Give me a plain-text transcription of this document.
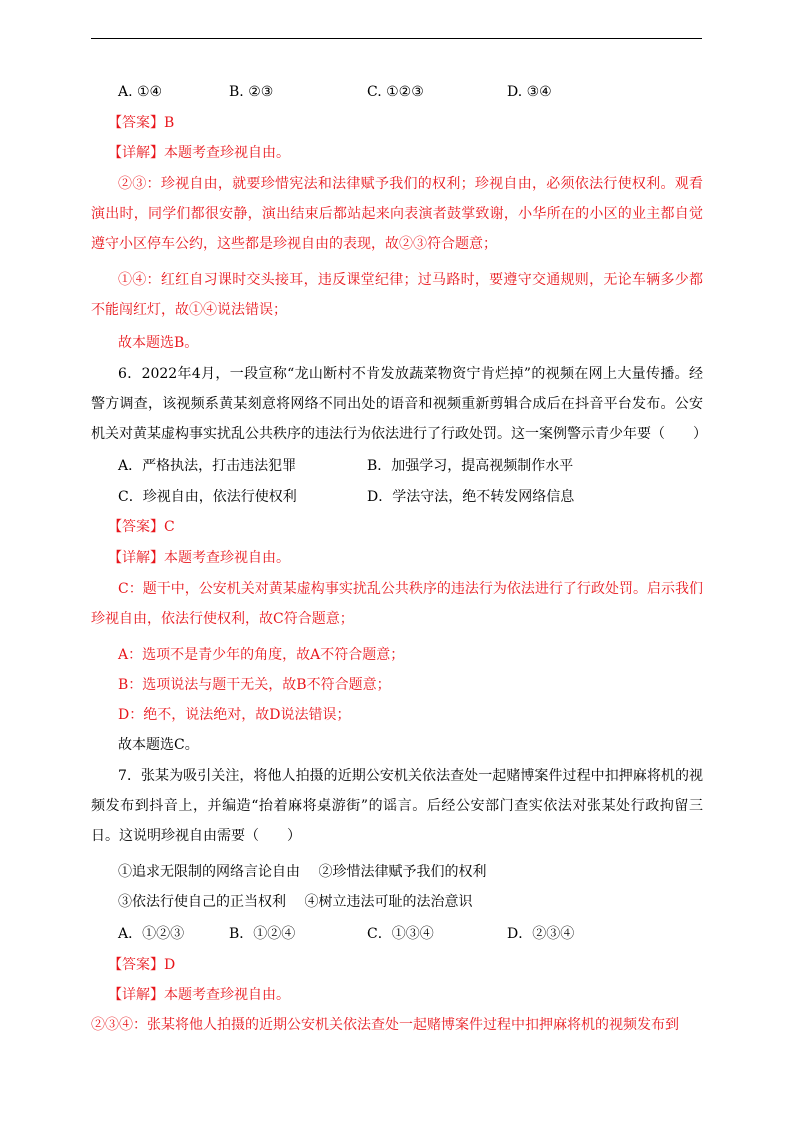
A. ①④	B. ②③	C. ①②③	D. ③④
【答案】B
【详解】本题考查珍视自由。
②③：珍视自由，就要珍惜宪法和法律赋予我们的权利；珍视自由，必须依法行使权利。观看演出时，同学们都很安静，演出结束后都站起来向表演者鼓掌致谢，小华所在的小区的业主都自觉遵守小区停车公约，这些都是珍视自由的表现，故②③符合题意；
①④：红红自习课时交头接耳，违反课堂纪律；过马路时，要遵守交通规则，无论车辆多少都不能闯红灯，故①④说法错误；
故本题选B。
6．2022年4月，一段宣称“龙山断村不肯发放蔬菜物资宁肯烂掉”的视频在网上大量传播。经警方调查，该视频系黄某刻意将网络不同出处的语音和视频重新剪辑合成后在抖音平台发布。公安机关对黄某虚构事实扰乱公共秩序的违法行为依法进行了行政处罚。这一案例警示青少年要（　　）
A．严格执法，打击违法犯罪	B．加强学习，提高视频制作水平
C．珍视自由，依法行使权利	D．学法守法，绝不转发网络信息
【答案】C
【详解】本题考查珍视自由。
C：题干中，公安机关对黄某虚构事实扰乱公共秩序的违法行为依法进行了行政处罚。启示我们珍视自由，依法行使权利，故C符合题意；
A：选项不是青少年的角度，故A不符合题意；
B：选项说法与题干无关，故B不符合题意；
D：绝不，说法绝对，故D说法错误；
故本题选C。
7．张某为吸引关注，将他人拍摄的近期公安机关依法查处一起赌博案件过程中扣押麻将机的视频发布到抖音上，并编造“抬着麻将桌游街”的谣言。后经公安部门查实依法对张某处行政拘留三日。这说明珍视自由需要（　　）
①追求无限制的网络言论自由　 ②珍惜法律赋予我们的权利
③依法行使自己的正当权利　 ④树立违法可耻的法治意识
A．①②③	B．①②④	C．①③④	D．②③④
【答案】D
【详解】本题考查珍视自由。
②③④：张某将他人拍摄的近期公安机关依法查处一起赌博案件过程中扣押麻将机的视频发布到
